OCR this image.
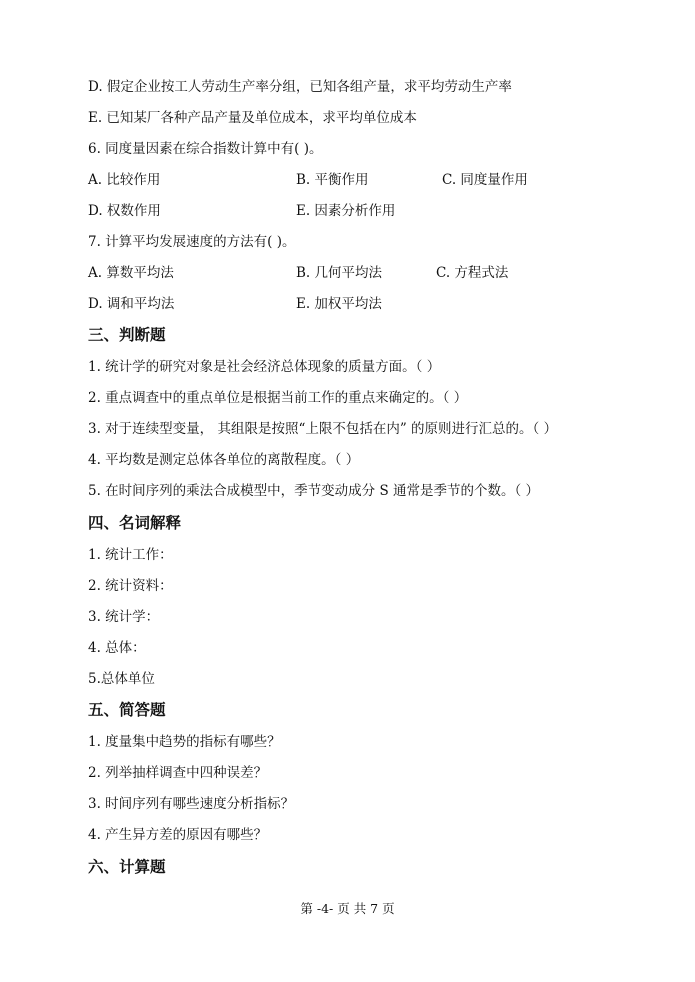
D. 假定企业按工人劳动生产率分组，已知各组产量，求平均劳动生产率
E. 已知某厂各种产品产量及单位成本，求平均单位成本
6. 同度量因素在综合指数计算中有( )。
A. 比较作用	B. 平衡作用	C. 同度量作用
D. 权数作用	E. 因素分析作用
7. 计算平均发展速度的方法有( )。
A. 算数平均法	B. 几何平均法	C. 方程式法
D. 调和平均法	E. 加权平均法
三、判断题
1. 统计学的研究对象是社会经济总体现象的质量方面。（ ）
2. 重点调查中的重点单位是根据当前工作的重点来确定的。（ ）
3. 对于连续型变量， 其组限是按照“上限不包括在内” 的原则进行汇总的。（ ）
4. 平均数是测定总体各单位的离散程度。（ ）
5. 在时间序列的乘法合成模型中，季节变动成分 S 通常是季节的个数。（ ）
四、名词解释
1. 统计工作：
2. 统计资料：
3. 统计学：
4. 总体：
5.总体单位
五、简答题
1. 度量集中趋势的指标有哪些？
2. 列举抽样调查中四种误差？
3. 时间序列有哪些速度分析指标？
4. 产生异方差的原因有哪些？
六、计算题
第 -4- 页 共 7 页
